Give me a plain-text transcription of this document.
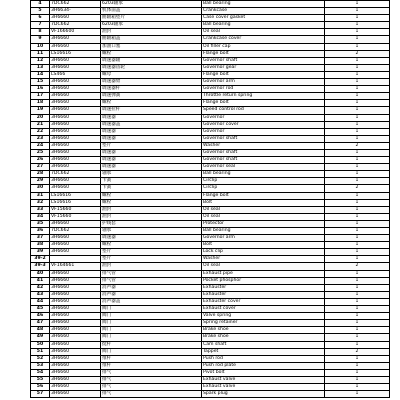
4	7DC662	6203轴承	Ball bearing	1
5	3H6634-	机体前盖	Crankcase	1
6	3H6660	曲轴箱垫片	Case cover gasket	1
7	7DC662	6203轴承	Ball bearing	1
8	VF166600	油封	Oil seal	1
9	3H6660	曲轴箱盖	Crankcase cover	1
10	3H6660	加油口塞	Oil filler cap	1
11	LS16616	螺栓	Flange bolt	2
12	3H6660	调速器轴	Governor shaft	1
13	3H6660	调速器齿轮	Governor gear	1
14	LS466	螺母	Flange bolt	1
15	3H6660	调速器臂	Governor arm	1
16	3H6660	调速器杆	Governor rod	1
17	3H6660	调速弹簧	Throttle return spring	1
18	3H6660	螺栓	Flange bolt	1
19	3H6660	调速拉杆	Speed control rod	1
20	3H6660	调速器	Governor	1
21	3H6660	调速器盖	Governor cover	1
22	3H6660	调速器	Governor	1
23	3H6660	调速器	Governor shaft	1
24	3H6660	垫片	Washer	2
25	3H6660	调速器	Governor shaft	1
26	3H6660	调速器	Governor shaft	1
27	3H6660	调速器	Governor seal	1
28	7DC662	轴承	Ball bearing	1
29	3H6660	卡簧	Circlip	1
30	3H6660	卡簧	Circlip	2
31	LS16616	螺栓	Flange bolt	1
32	LS16616	螺栓	Bolt	1
33	VF15660	油封	Oil seal	1
34	VF15660	油封	Oil seal	1
35	3H6660	护线套	Protector	1
36	7DC662	轴承	Ball bearing	1
37	3H6660	调速器	Governor arm	1
38	3H6660	螺栓	Bolt	1
39	3H6660	垫片	Lock clip	1
39-2		垫片	Washer	1
39-3	VF164661	油封	Oil seal	2
40	3H6660	排气管	Exhaust pipe	1
41	3H6660	排气管	Pocket phosphor	1
42	3H6660	消声器	Exhauster	1
43	3H6660	消声器	Exhauster	1
44	3H6660	消声器盖	Exhauster cover	1
45	3H6660	阀门	Exhaust cover	1
46	3H6660	阀门	Valve spring	1
47	3H6660	阀门	Spring retainer	1
48	3H6660	阀门	Brake shoe	1
49	3H6660	阀门	Brake shoe	1
50	3H6660	挺杆	Cam shaft	1
51	3H6660	阀门	Tappet	2
52	3H6660	推杆	Push rod	1
53	3H6660	推杆	Push rod plate	1
54	3H6660	排气	Pivot bolt	1
55	3H6660	排气	Exhaust valve	1
56	3H6660	排气	Exhaust valve	1
57	3H6660	排气	Spark plug	1
